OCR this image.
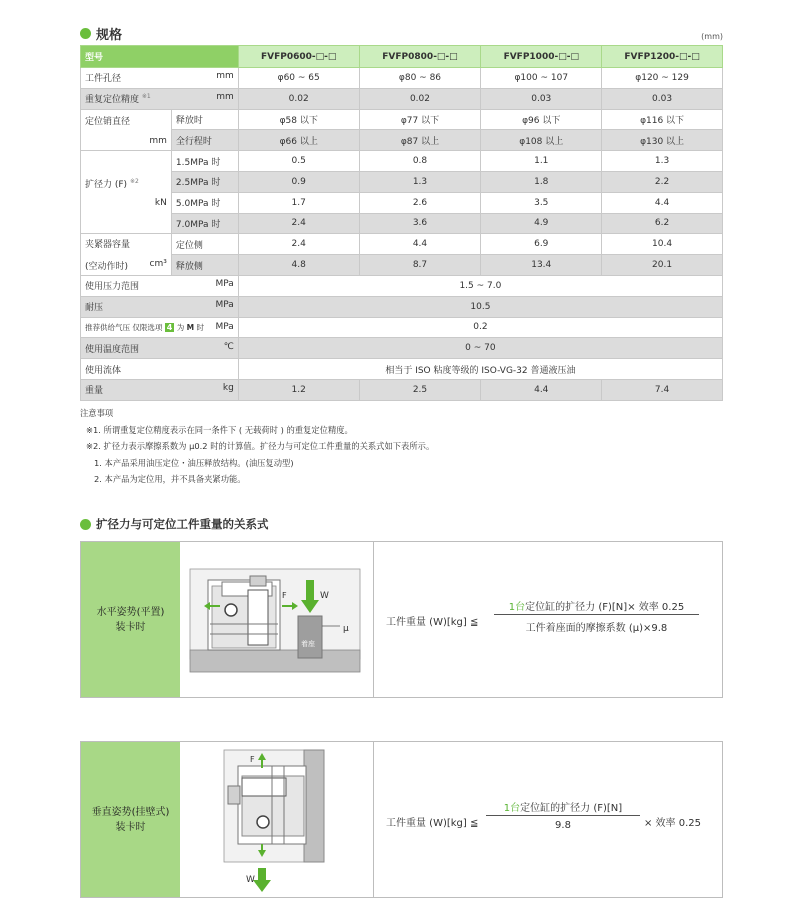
规格	(mm)
型号		FVFP0600-□-□	FVFP0800-□-□	FVFP1000-□-□	FVFP1200-□-□
工件孔径 mm		φ60 ~ 65	φ80 ~ 86	φ100 ~ 107	φ120 ~ 129
重复定位精度 $^{※1}$ mm		0.02	0.02	0.03	0.03

定位销直径
mm	释放时	φ58 以下	φ77 以下	φ96 以下	φ116 以下
	全行程时	φ66 以上	φ87 以上	φ108 以上	φ130 以上

扩径力 (F) $^{※2}$
kN	1.5MPa 时	0.5	0.8	1.1	1.3
	2.5MPa 时	0.9	1.3	1.8	2.2
	5.0MPa 时	1.7	2.6	3.5	4.4
	7.0MPa 时	2.4	3.6	4.9	6.2

夹紧器容量
(空动作时) cm³	定位侧	2.4	4.4	6.9	10.4
	释放侧	4.8	8.7	13.4	20.1
使用压力范围 MPa		1.5 ~ 7.0			
耐压 MPa		10.5			
推荐供给气压 仅限选项 4 为 M 时 MPa		0.2			
使用温度范围 ℃		0 ~ 70			
使用流体		相当于 ISO 粘度等级的 ISO-VG-32 普通液压油			
重量 kg		1.2	2.5	4.4	7.4
注意事项
※1. 所谓重复定位精度表示在同一条件下 ( 无载荷时 ) 的重复定位精度。
※2. 扩径力表示摩擦系数为 μ0.2 时的计算值。扩径力与可定位工件重量的关系式如下表所示。
1. 本产品采用油压定位・油压释放结构。(油压复动型)
2. 本产品为定位用，并不具备夹紧功能。
扩径力与可定位工件重量的关系式
水平姿势(平置)
装卡时
F
着座
W
μ
工件重量 (W)[kg] ≦
1台定位缸的扩径力 (F)[N]× 效率 0.25
工件着座面的摩擦系数 (μ)×9.8
垂直姿势(挂壁式)
装卡时
F
W
工件重量 (W)[kg] ≦
1台定位缸的扩径力 (F)[N]
9.8	× 效率 0.25
